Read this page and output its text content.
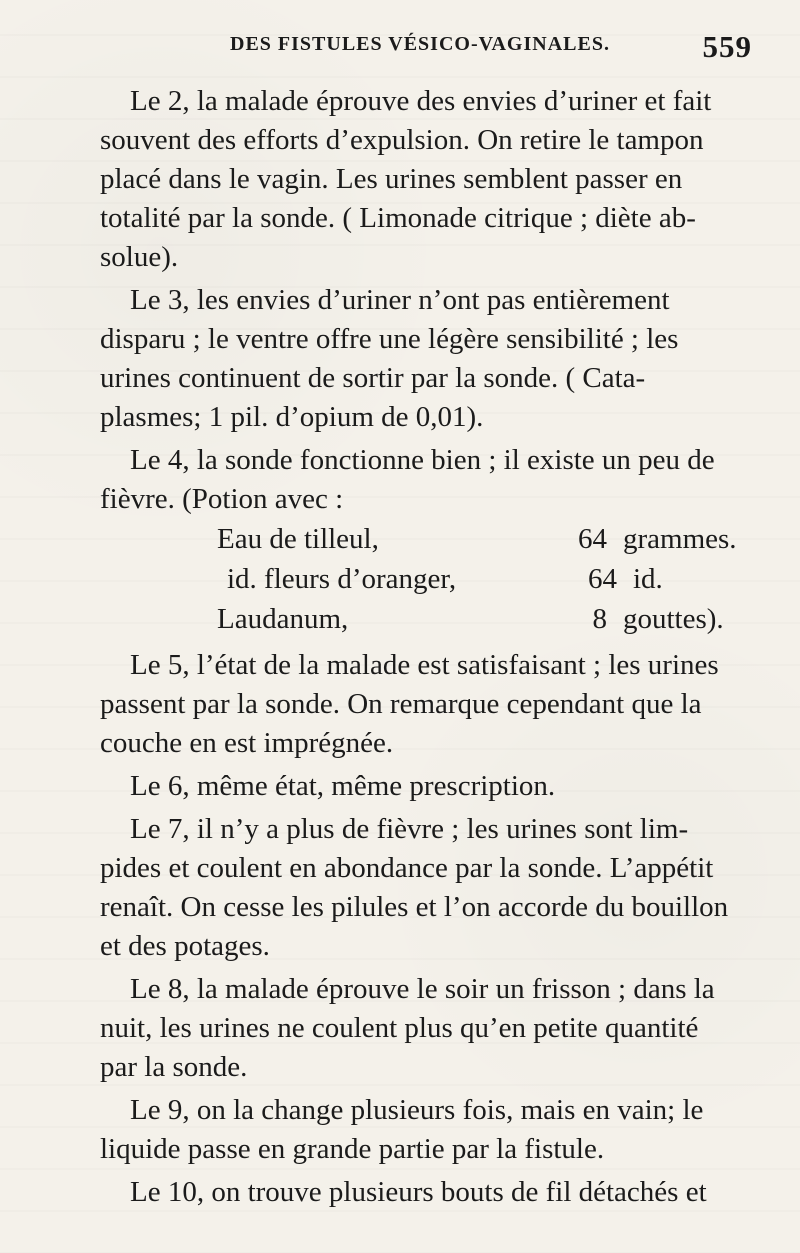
DES FISTULES VÉSICO-VAGINALES.	559

Le 2, la malade éprouve des envies d’uriner et fait
souvent des efforts d’expulsion. On retire le tampon
placé dans le vagin. Les urines semblent passer en
totalité par la sonde. ( Limonade citrique ; diète ab-
solue).

Le 3, les envies d’uriner n’ont pas entièrement
disparu ; le ventre offre une légère sensibilité ; les
urines continuent de sortir par la sonde. ( Cata-
plasmes; 1 pil. d’opium de 0,01).

Le 4, la sonde fonctionne bien ; il existe un peu de
fièvre. (Potion avec :

Eau de tilleul,	64 grammes.
id. fleurs d’oranger,	64 id.
Laudanum,	8 gouttes).

Le 5, l’état de la malade est satisfaisant ; les urines
passent par la sonde. On remarque cependant que la
couche en est imprégnée.

Le 6, même état, même prescription.

Le 7, il n’y a plus de fièvre ; les urines sont lim-
pides et coulent en abondance par la sonde. L’appétit
renaît. On cesse les pilules et l’on accorde du bouillon
et des potages.

Le 8, la malade éprouve le soir un frisson ; dans la
nuit, les urines ne coulent plus qu’en petite quantité
par la sonde.

Le 9, on la change plusieurs fois, mais en vain; le
liquide passe en grande partie par la fistule.

Le 10, on trouve plusieurs bouts de fil détachés et
